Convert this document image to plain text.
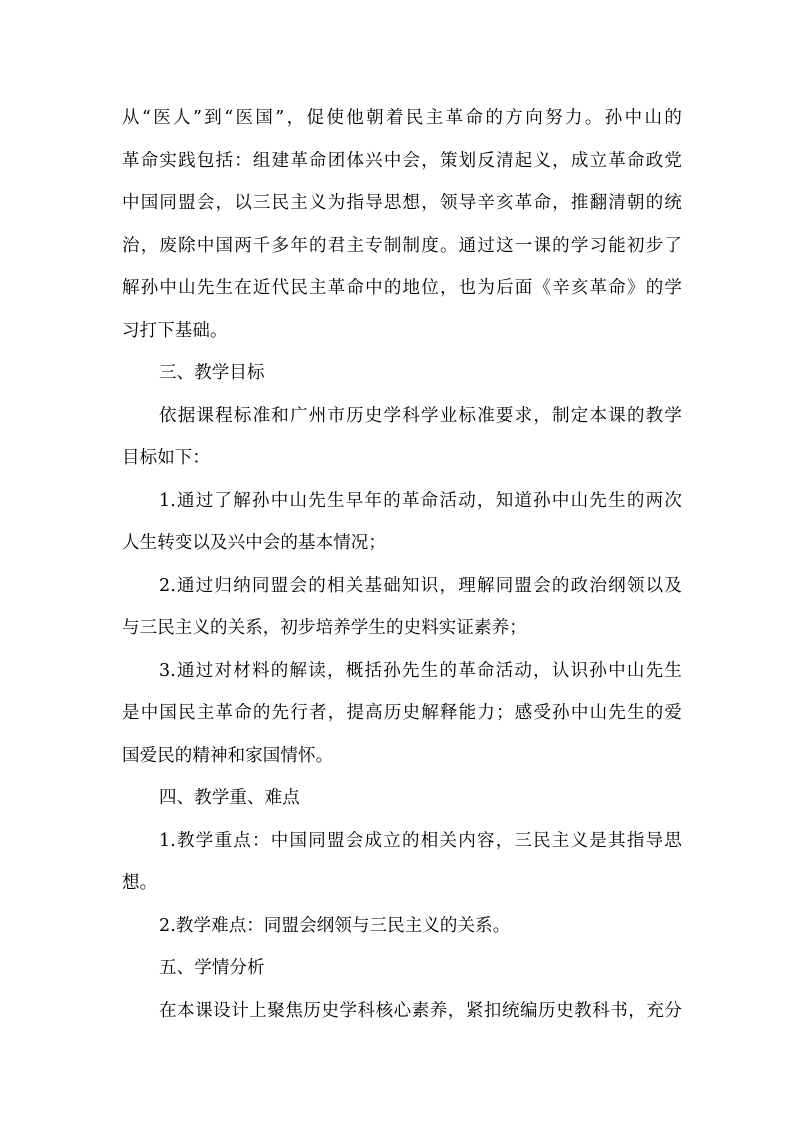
从“医人”到“医国”，促使他朝着民主革命的方向努力。孙中山的
革命实践包括：组建革命团体兴中会，策划反清起义，成立革命政党
中国同盟会，以三民主义为指导思想，领导辛亥革命，推翻清朝的统
治，废除中国两千多年的君主专制制度。通过这一课的学习能初步了
解孙中山先生在近代民主革命中的地位，也为后面《辛亥革命》的学
习打下基础。
三、教学目标
依据课程标准和广州市历史学科学业标准要求，制定本课的教学
目标如下：
1.通过了解孙中山先生早年的革命活动，知道孙中山先生的两次
人生转变以及兴中会的基本情况；
2.通过归纳同盟会的相关基础知识，理解同盟会的政治纲领以及
与三民主义的关系，初步培养学生的史料实证素养；
3.通过对材料的解读，概括孙先生的革命活动，认识孙中山先生
是中国民主革命的先行者，提高历史解释能力；感受孙中山先生的爱
国爱民的精神和家国情怀。
四、教学重、难点
1.教学重点：中国同盟会成立的相关内容，三民主义是其指导思
想。
2.教学难点：同盟会纲领与三民主义的关系。
五、学情分析
在本课设计上聚焦历史学科核心素养，紧扣统编历史教科书，充分
